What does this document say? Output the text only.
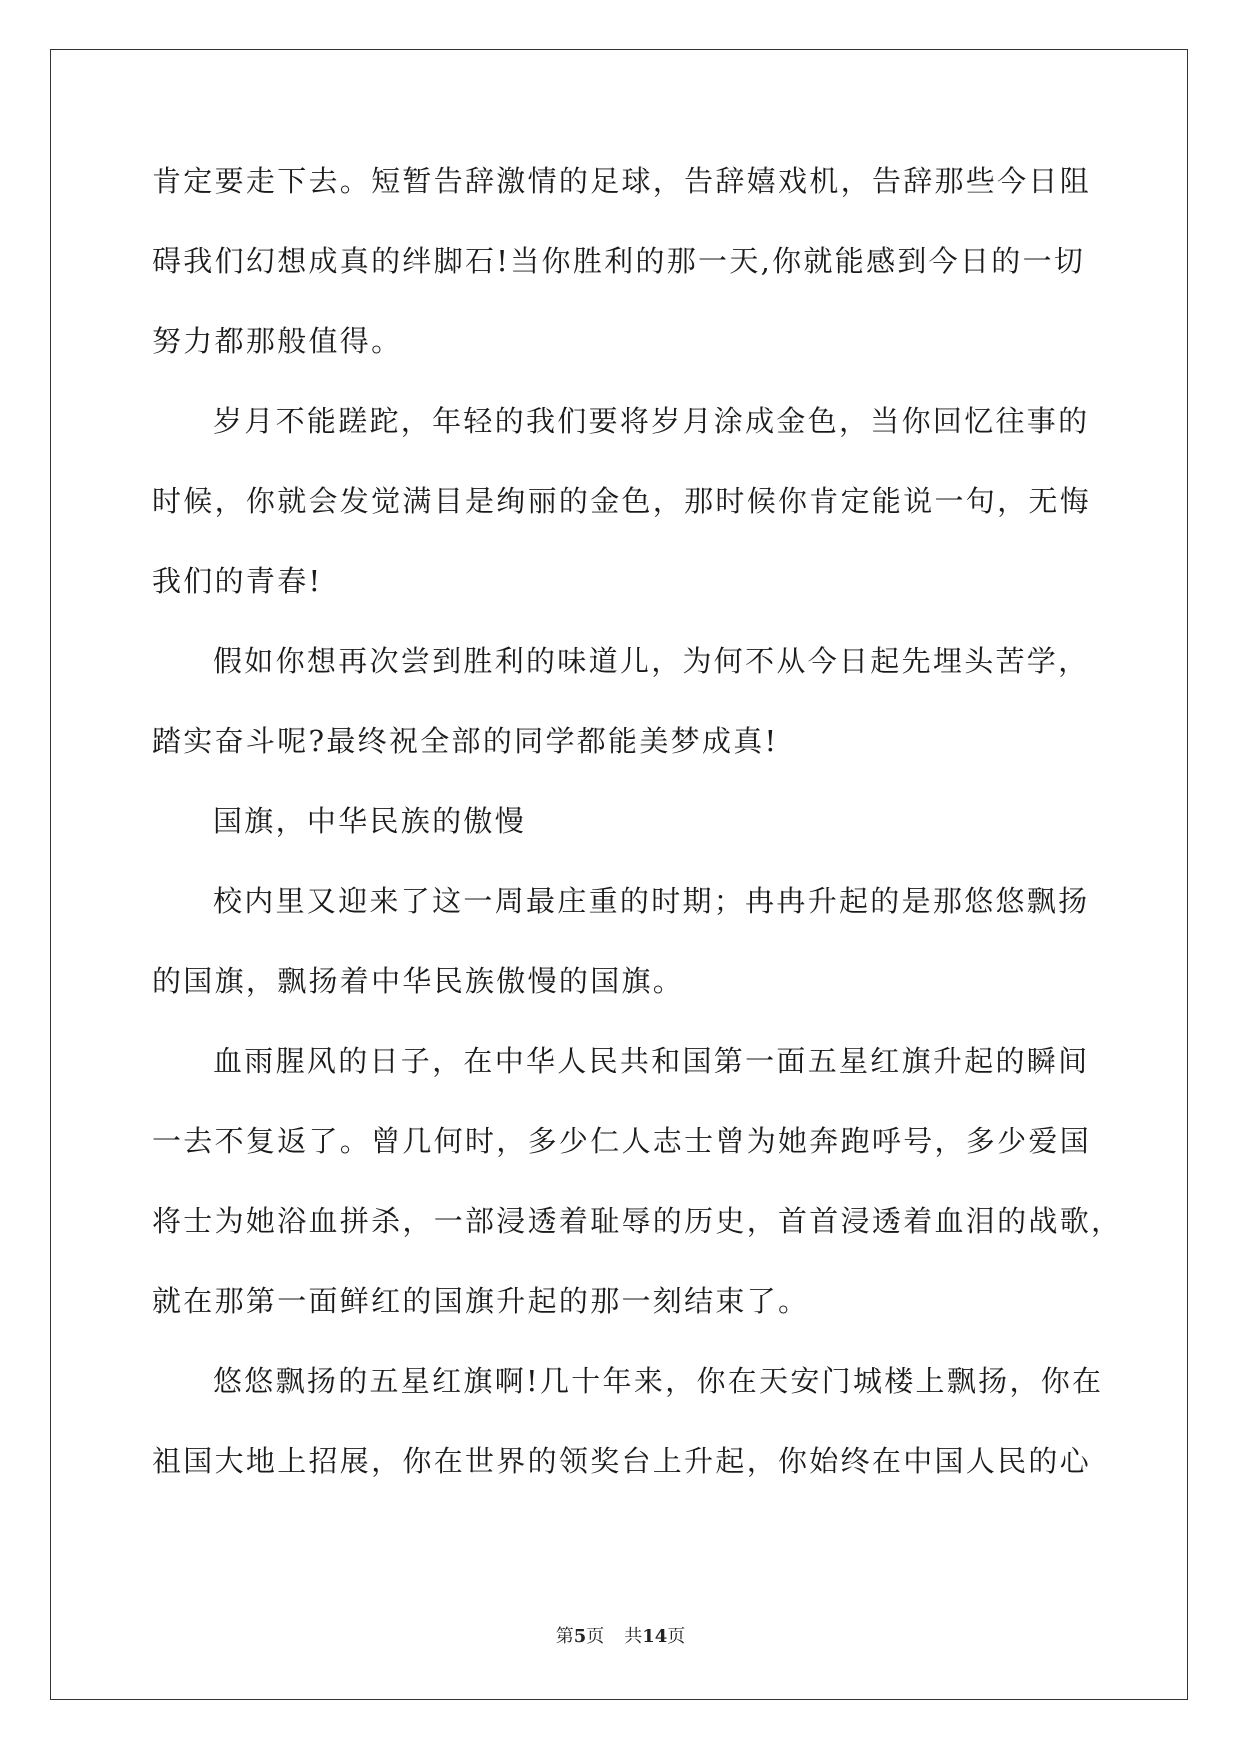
肯定要走下去。短暂告辞激情的足球，告辞嬉戏机，告辞那些今日阻
碍我们幻想成真的绊脚石!当你胜利的那一天,你就能感到今日的一切
努力都那般值得。
岁月不能蹉跎，年轻的我们要将岁月涂成金色，当你回忆往事的
时候，你就会发觉满目是绚丽的金色，那时候你肯定能说一句，无悔
我们的青春!
假如你想再次尝到胜利的味道儿，为何不从今日起先埋头苦学，
踏实奋斗呢?最终祝全部的同学都能美梦成真!
国旗，中华民族的傲慢
校内里又迎来了这一周最庄重的时期；冉冉升起的是那悠悠飘扬
的国旗，飘扬着中华民族傲慢的国旗。
血雨腥风的日子，在中华人民共和国第一面五星红旗升起的瞬间
一去不复返了。曾几何时，多少仁人志士曾为她奔跑呼号，多少爱国
将士为她浴血拼杀，一部浸透着耻辱的历史，首首浸透着血泪的战歌，
就在那第一面鲜红的国旗升起的那一刻结束了。
悠悠飘扬的五星红旗啊!几十年来，你在天安门城楼上飘扬，你在
祖国大地上招展，你在世界的领奖台上升起，你始终在中国人民的心
第5页 共14页
